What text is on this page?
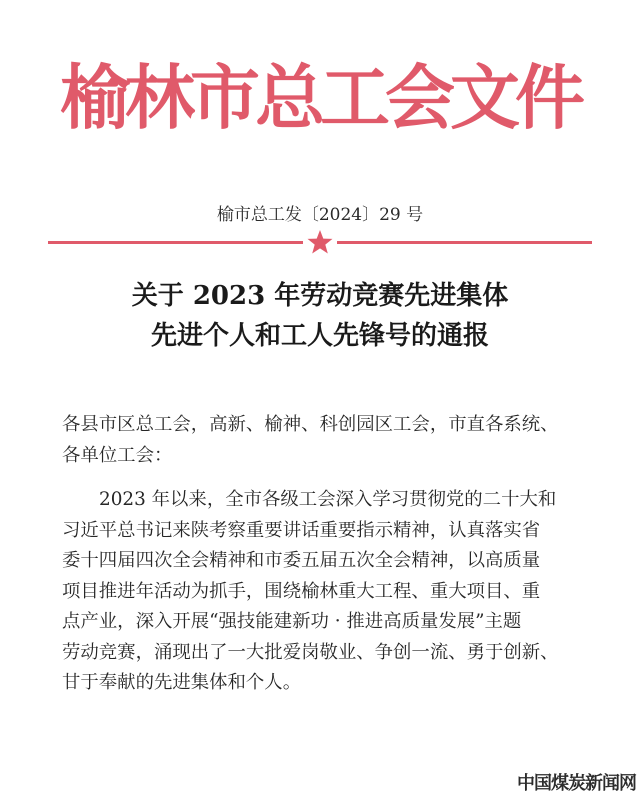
榆林市总工会文件
榆市总工发〔2024〕29 号
关于 2023 年劳动竞赛先进集体
先进个人和工人先锋号的通报
各县市区总工会，高新、榆神、科创园区工会，市直各系统、
各单位工会：
2023 年以来，全市各级工会深入学习贯彻党的二十大和
习近平总书记来陕考察重要讲话重要指示精神，认真落实省
委十四届四次全会精神和市委五届五次全会精神，以高质量
项目推进年活动为抓手，围绕榆林重大工程、重大项目、重
点产业，深入开展“强技能建新功 · 推进高质量发展”主题
劳动竞赛，涌现出了一大批爱岗敬业、争创一流、勇于创新、
甘于奉献的先进集体和个人。
中国煤炭新闻网
